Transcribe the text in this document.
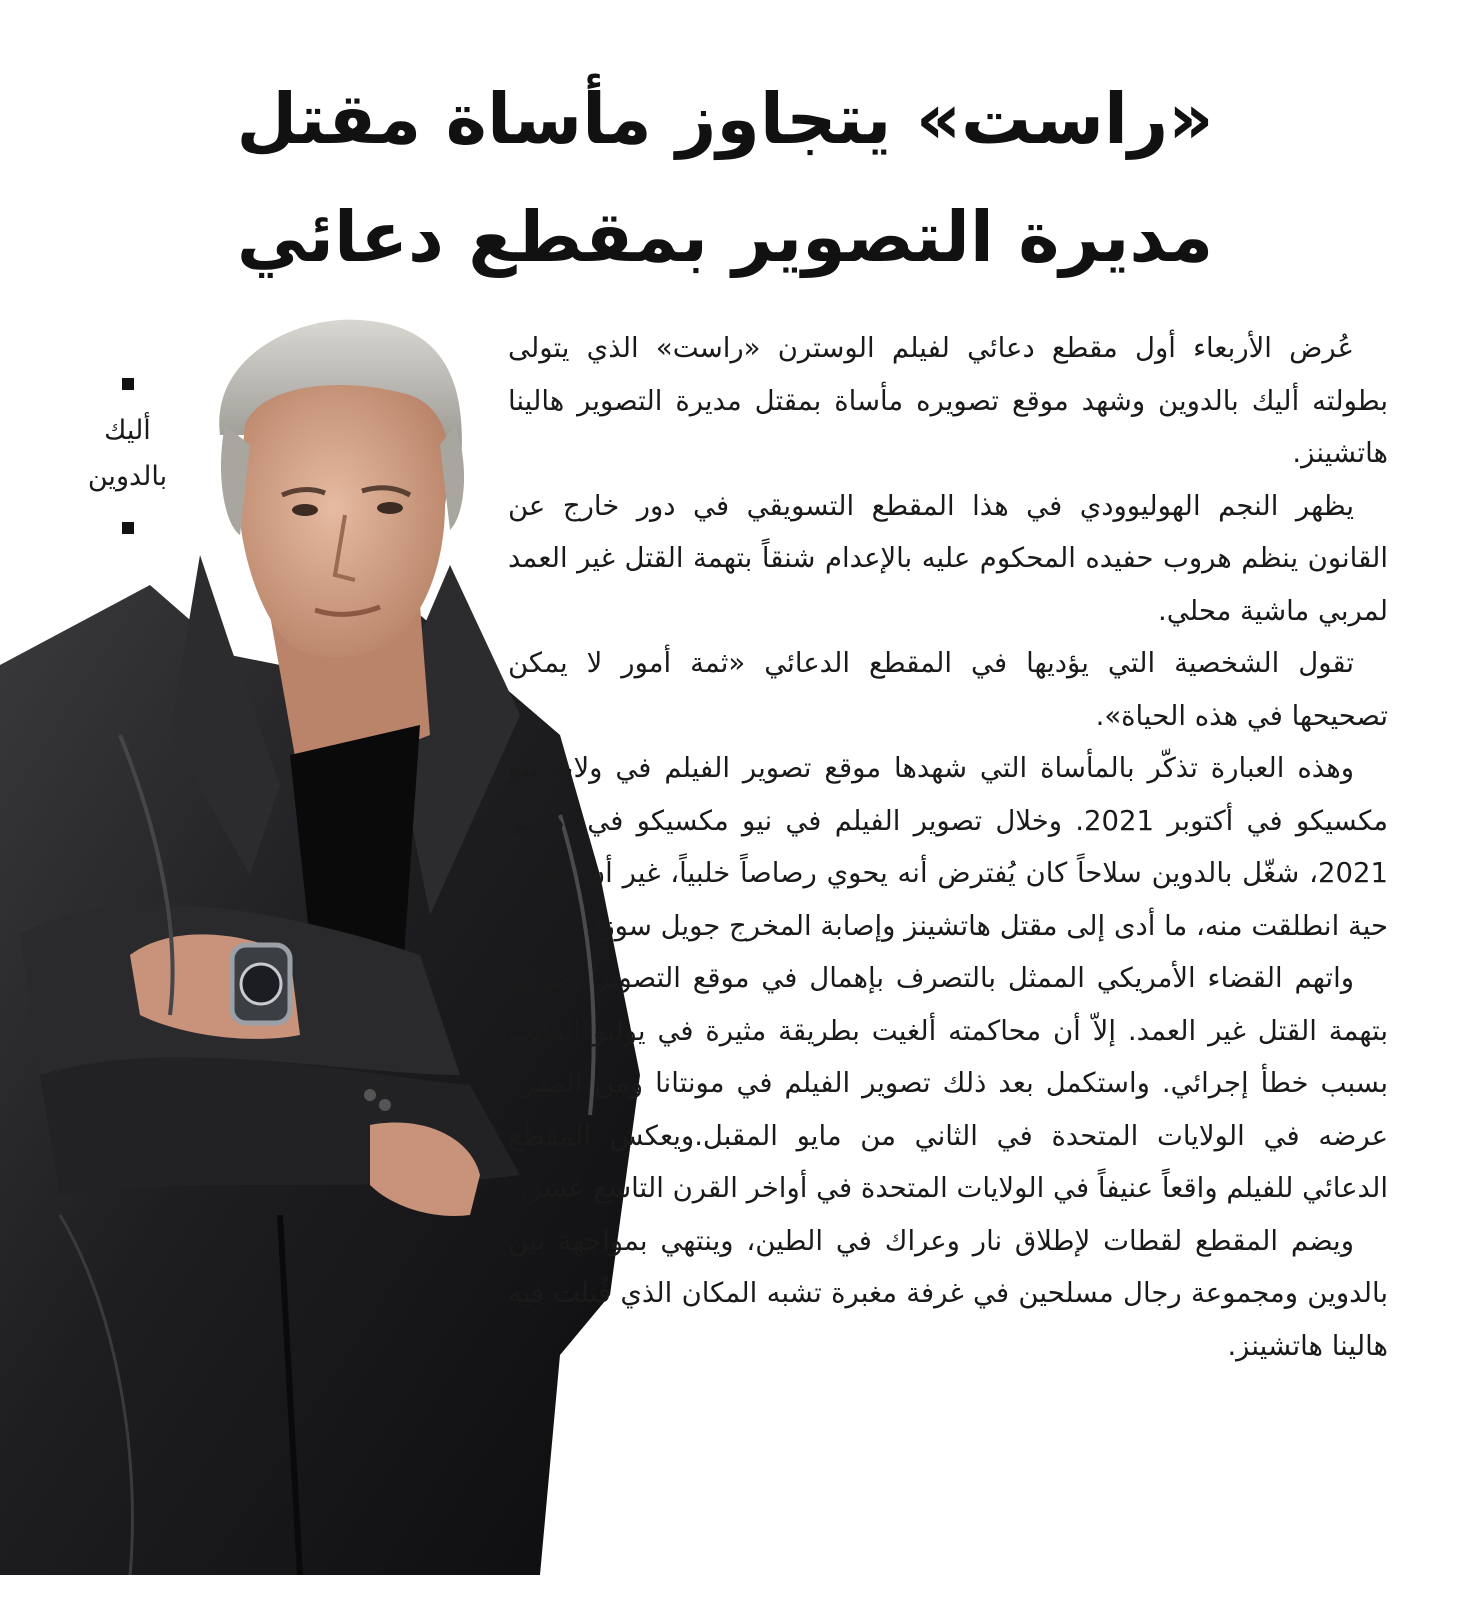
«راست» يتجاوز مأساة مقتل
مديرة التصوير بمقطع دعائي
أليك
بالدوين

عُرض الأربعاء أول مقطع دعائي لفيلم الوسترن «راست» الذي يتولى بطولته أليك بالدوين وشهد موقع تصويره مأساة بمقتل مديرة التصوير هالينا هاتشينز.

يظهر النجم الهوليوودي في هذا المقطع التسويقي في دور خارج عن القانون ينظم هروب حفيده المحكوم عليه بالإعدام شنقاً بتهمة القتل غير العمد لمربي ماشية محلي.

تقول الشخصية التي يؤديها في المقطع الدعائي «ثمة أمور لا يمكن تصحيحها في هذه الحياة».

وهذه العبارة تذكّر بالمأساة التي شهدها موقع تصوير الفيلم في ولاية نيو مكسيكو في أكتوبر 2021. وخلال تصوير الفيلم في نيو مكسيكو في أكتوبر 2021، شغّل بالدوين سلاحاً كان يُفترض أنه يحوي رصاصاً خلبياً، غير أن ذخيرة حية انطلقت منه، ما أدى إلى مقتل هاتشينز وإصابة المخرج جويل سوزا.

واتهم القضاء الأمريكي الممثل بالتصرف بإهمال في موقع التصوير وحوكم بتهمة القتل غير العمد. إلاّ أن محاكمته ألغيت بطريقة مثيرة في يوليو الفائت بسبب خطأ إجرائي. واستكمل بعد ذلك تصوير الفيلم في مونتانا ومن المقرر عرضه في الولايات المتحدة في الثاني من مايو المقبل.ويعكس المقطع الدعائي للفيلم واقعاً عنيفاً في الولايات المتحدة في أواخر القرن التاسع عشر.

ويضم المقطع لقطات لإطلاق نار وعراك في الطين، وينتهي بمواجهة بين بالدوين ومجموعة رجال مسلحين في غرفة مغبرة تشبه المكان الذي قُتلت فيه هالينا هاتشينز.
